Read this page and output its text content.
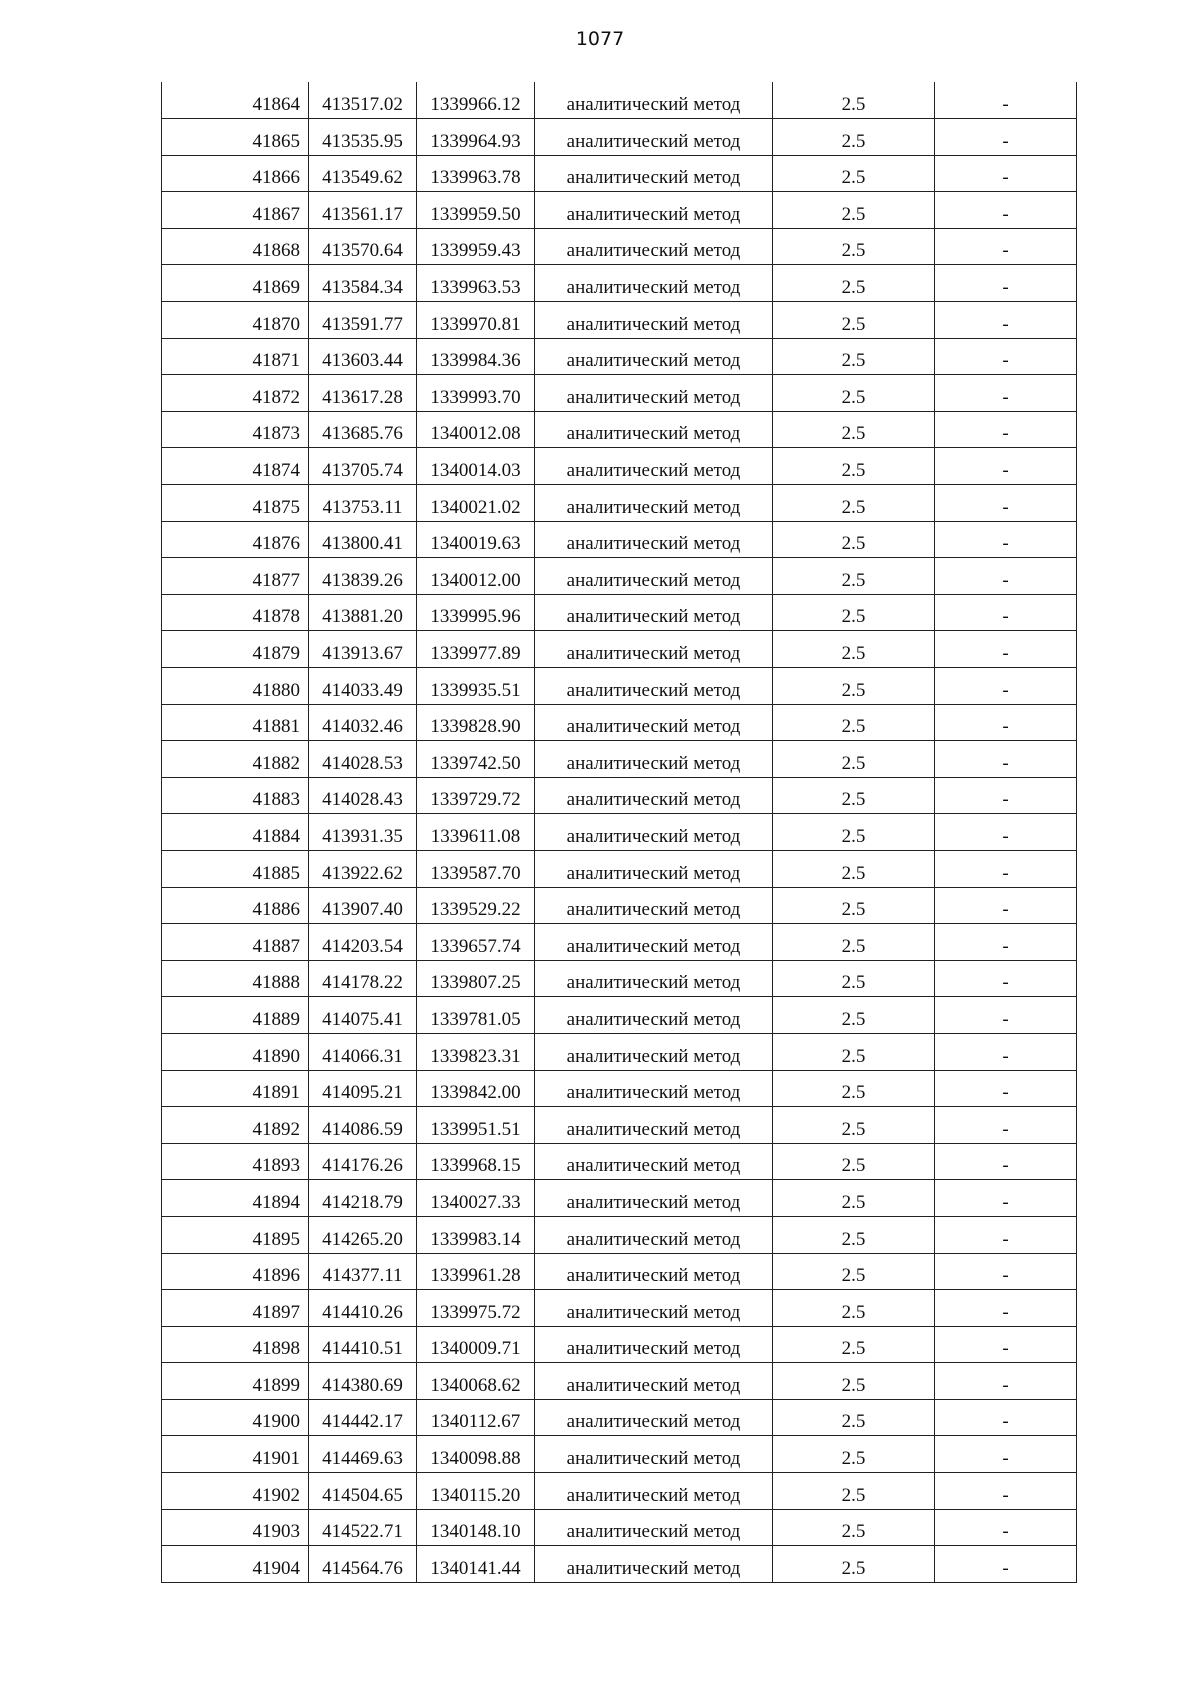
1077
41864	413517.02	1339966.12	аналитический метод	2.5	-
41865	413535.95	1339964.93	аналитический метод	2.5	-
41866	413549.62	1339963.78	аналитический метод	2.5	-
41867	413561.17	1339959.50	аналитический метод	2.5	-
41868	413570.64	1339959.43	аналитический метод	2.5	-
41869	413584.34	1339963.53	аналитический метод	2.5	-
41870	413591.77	1339970.81	аналитический метод	2.5	-
41871	413603.44	1339984.36	аналитический метод	2.5	-
41872	413617.28	1339993.70	аналитический метод	2.5	-
41873	413685.76	1340012.08	аналитический метод	2.5	-
41874	413705.74	1340014.03	аналитический метод	2.5	-
41875	413753.11	1340021.02	аналитический метод	2.5	-
41876	413800.41	1340019.63	аналитический метод	2.5	-
41877	413839.26	1340012.00	аналитический метод	2.5	-
41878	413881.20	1339995.96	аналитический метод	2.5	-
41879	413913.67	1339977.89	аналитический метод	2.5	-
41880	414033.49	1339935.51	аналитический метод	2.5	-
41881	414032.46	1339828.90	аналитический метод	2.5	-
41882	414028.53	1339742.50	аналитический метод	2.5	-
41883	414028.43	1339729.72	аналитический метод	2.5	-
41884	413931.35	1339611.08	аналитический метод	2.5	-
41885	413922.62	1339587.70	аналитический метод	2.5	-
41886	413907.40	1339529.22	аналитический метод	2.5	-
41887	414203.54	1339657.74	аналитический метод	2.5	-
41888	414178.22	1339807.25	аналитический метод	2.5	-
41889	414075.41	1339781.05	аналитический метод	2.5	-
41890	414066.31	1339823.31	аналитический метод	2.5	-
41891	414095.21	1339842.00	аналитический метод	2.5	-
41892	414086.59	1339951.51	аналитический метод	2.5	-
41893	414176.26	1339968.15	аналитический метод	2.5	-
41894	414218.79	1340027.33	аналитический метод	2.5	-
41895	414265.20	1339983.14	аналитический метод	2.5	-
41896	414377.11	1339961.28	аналитический метод	2.5	-
41897	414410.26	1339975.72	аналитический метод	2.5	-
41898	414410.51	1340009.71	аналитический метод	2.5	-
41899	414380.69	1340068.62	аналитический метод	2.5	-
41900	414442.17	1340112.67	аналитический метод	2.5	-
41901	414469.63	1340098.88	аналитический метод	2.5	-
41902	414504.65	1340115.20	аналитический метод	2.5	-
41903	414522.71	1340148.10	аналитический метод	2.5	-
41904	414564.76	1340141.44	аналитический метод	2.5	-
